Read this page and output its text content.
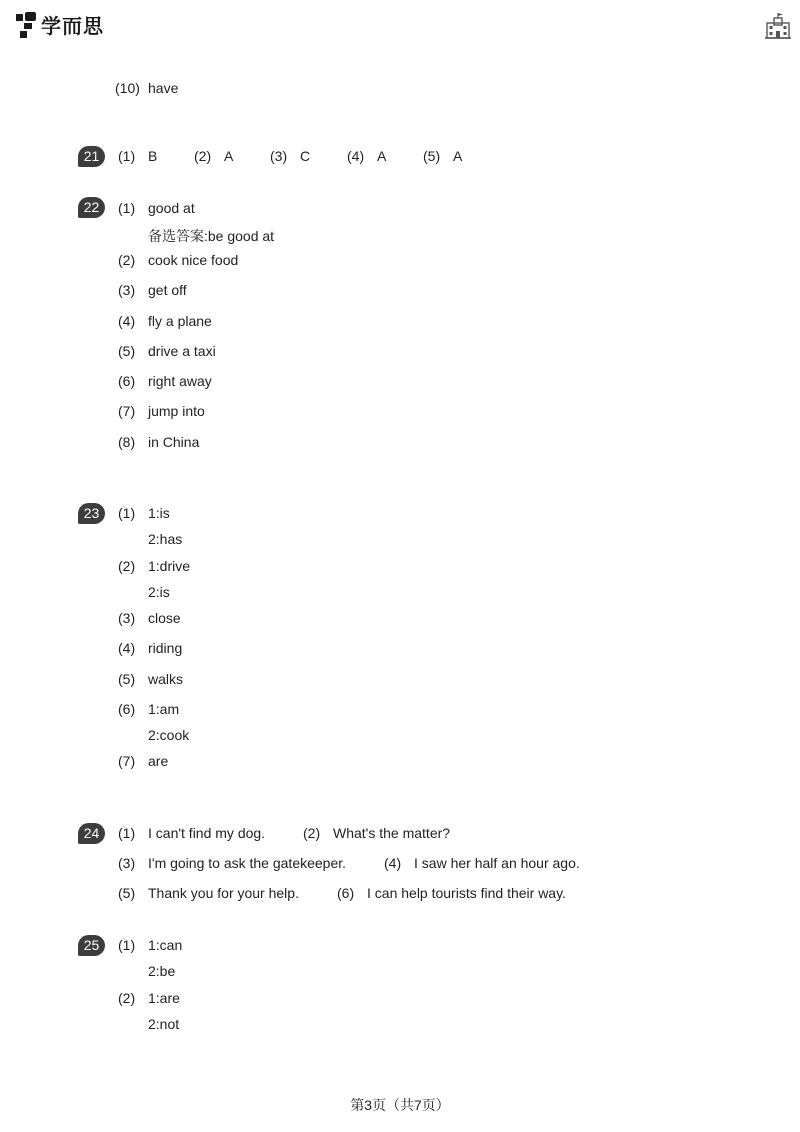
学而思
(10) have
21	(1) B	(2) A	(3) C	(4) A	(5) A
22	(1) good at
备选答案:be good at
(2) cook nice food
(3) get off
(4) fly a plane
(5) drive a taxi
(6) right away
(7) jump into
(8) in China
23	(1) 1:is
2:has
(2) 1:drive
2:is
(3) close
(4) riding
(5) walks
(6) 1:am
2:cook
(7) are
24	(1) I can't find my dog.	(2) What's the matter?
(3) I'm going to ask the gatekeeper.	(4) I saw her half an hour ago.
(5) Thank you for your help.	(6) I can help tourists find their way.
25	(1) 1:can
2:be
(2) 1:are
2:not
第3页（共7页）
